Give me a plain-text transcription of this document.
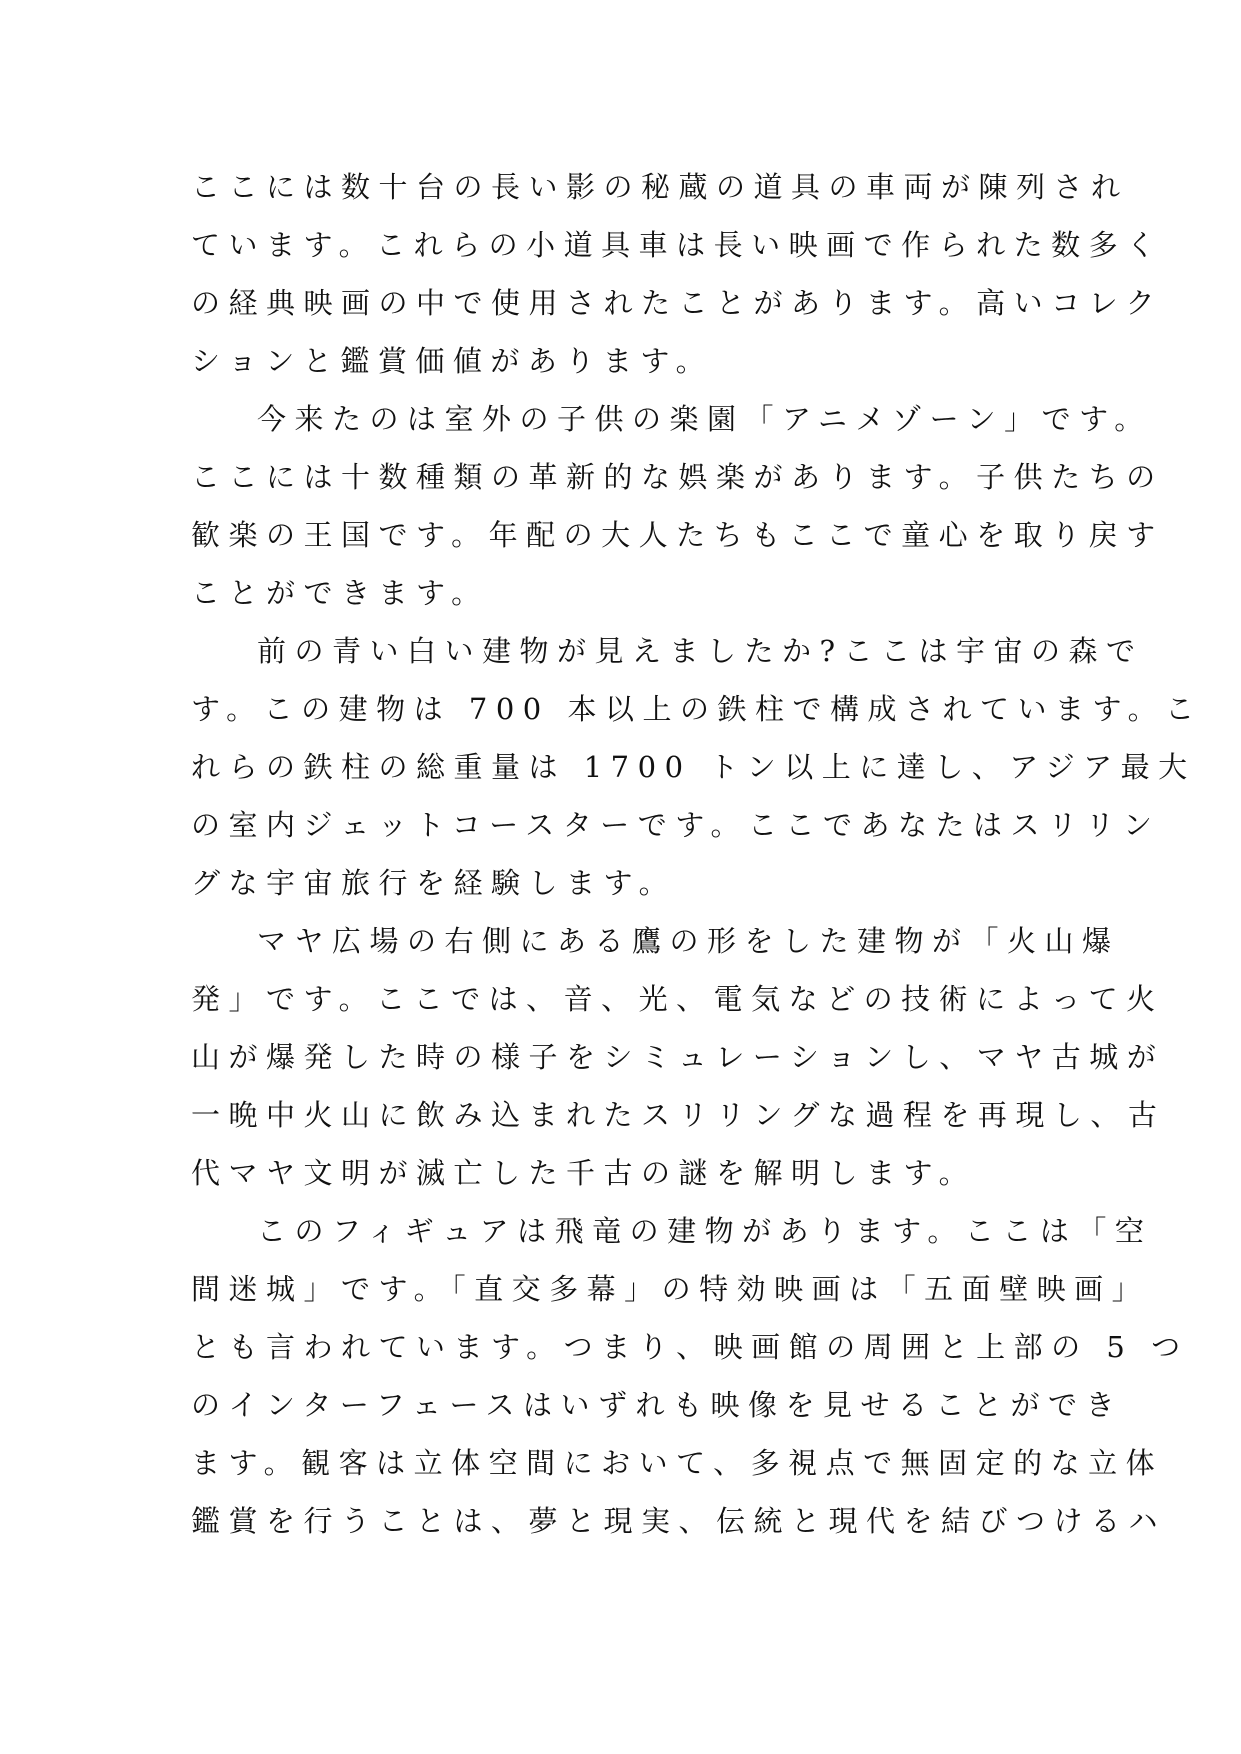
ここには数十台の長い影の秘蔵の道具の車両が陳列され
ています。これらの小道具車は長い映画で作られた数多く
の経典映画の中で使用されたことがあります。高いコレク
ションと鑑賞価値があります。
今来たのは室外の子供の楽園「アニメゾーン」です。
ここには十数種類の革新的な娯楽があります。子供たちの
歓楽の王国です。年配の大人たちもここで童心を取り戻す
ことができます。
前の青い白い建物が見えましたか?ここは宇宙の森で
す。この建物は 700 本以上の鉄柱で構成されています。こ
れらの鉄柱の総重量は 1700 トン以上に達し、アジア最大
の室内ジェットコースターです。ここであなたはスリリン
グな宇宙旅行を経験します。
マヤ広場の右側にある鷹の形をした建物が「火山爆
発」です。ここでは、音、光、電気などの技術によって火
山が爆発した時の様子をシミュレーションし、マヤ古城が
一晩中火山に飲み込まれたスリリングな過程を再現し、古
代マヤ文明が滅亡した千古の謎を解明します。
このフィギュアは飛竜の建物があります。ここは「空
間迷城」です。「直交多幕」の特効映画は「五面壁映画」
とも言われています。つまり、映画館の周囲と上部の 5 つ
のインターフェースはいずれも映像を見せることができ
ます。観客は立体空間において、多視点で無固定的な立体
鑑賞を行うことは、夢と現実、伝統と現代を結びつけるハ
